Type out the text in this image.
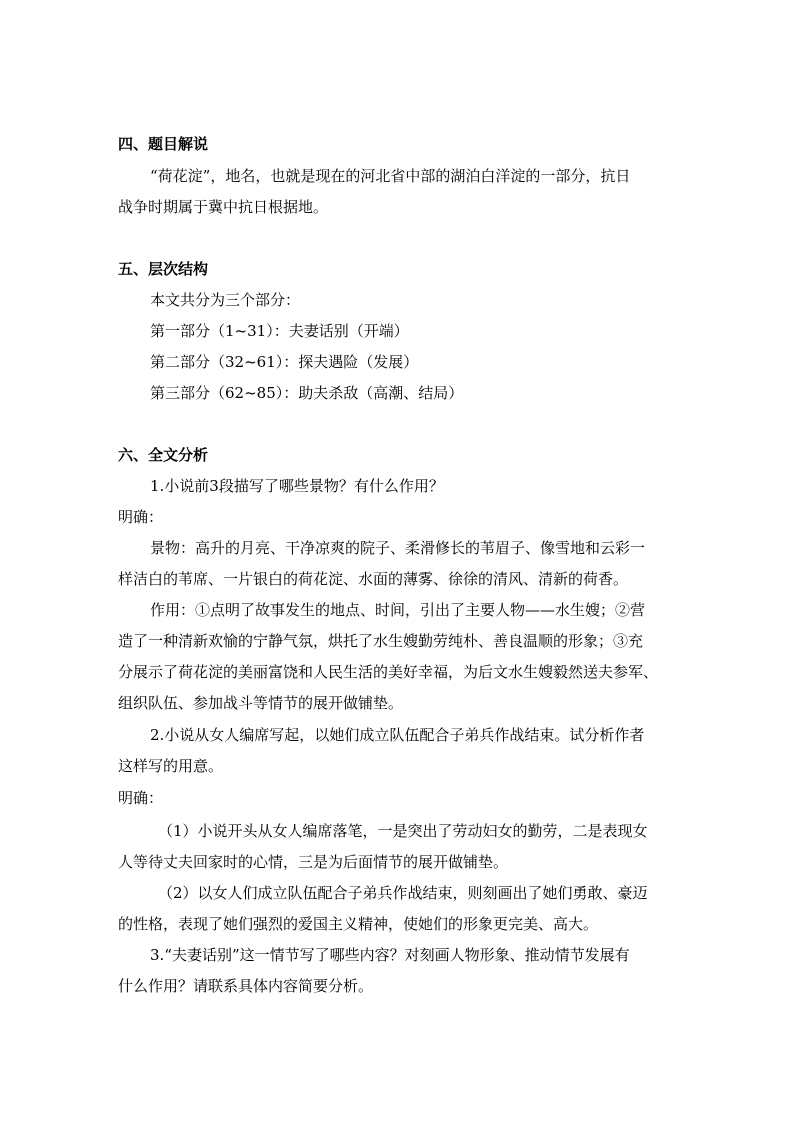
四、题目解说
“荷花淀”，地名，也就是现在的河北省中部的湖泊白洋淀的一部分，抗日
战争时期属于冀中抗日根据地。
五、层次结构
本文共分为三个部分：
第一部分（1~31）：夫妻话别（开端）
第二部分（32~61）：探夫遇险（发展）
第三部分（62~85）：助夫杀敌（高潮、结局）
六、全文分析
1.小说前3段描写了哪些景物？有什么作用？
明确：
景物：高升的月亮、干净凉爽的院子、柔滑修长的苇眉子、像雪地和云彩一
样洁白的苇席、一片银白的荷花淀、水面的薄雾、徐徐的清风、清新的荷香。
作用：①点明了故事发生的地点、时间，引出了主要人物——水生嫂；②营
造了一种清新欢愉的宁静气氛，烘托了水生嫂勤劳纯朴、善良温顺的形象；③充
分展示了荷花淀的美丽富饶和人民生活的美好幸福，为后文水生嫂毅然送夫参军、
组织队伍、参加战斗等情节的展开做铺垫。
2.小说从女人编席写起，以她们成立队伍配合子弟兵作战结束。试分析作者
这样写的用意。
明确：
（1）小说开头从女人编席落笔，一是突出了劳动妇女的勤劳，二是表现女
人等待丈夫回家时的心情，三是为后面情节的展开做铺垫。
（2）以女人们成立队伍配合子弟兵作战结束，则刻画出了她们勇敢、豪迈
的性格，表现了她们强烈的爱国主义精神，使她们的形象更完美、高大。
3.“夫妻话别”这一情节写了哪些内容？对刻画人物形象、推动情节发展有
什么作用？请联系具体内容简要分析。
